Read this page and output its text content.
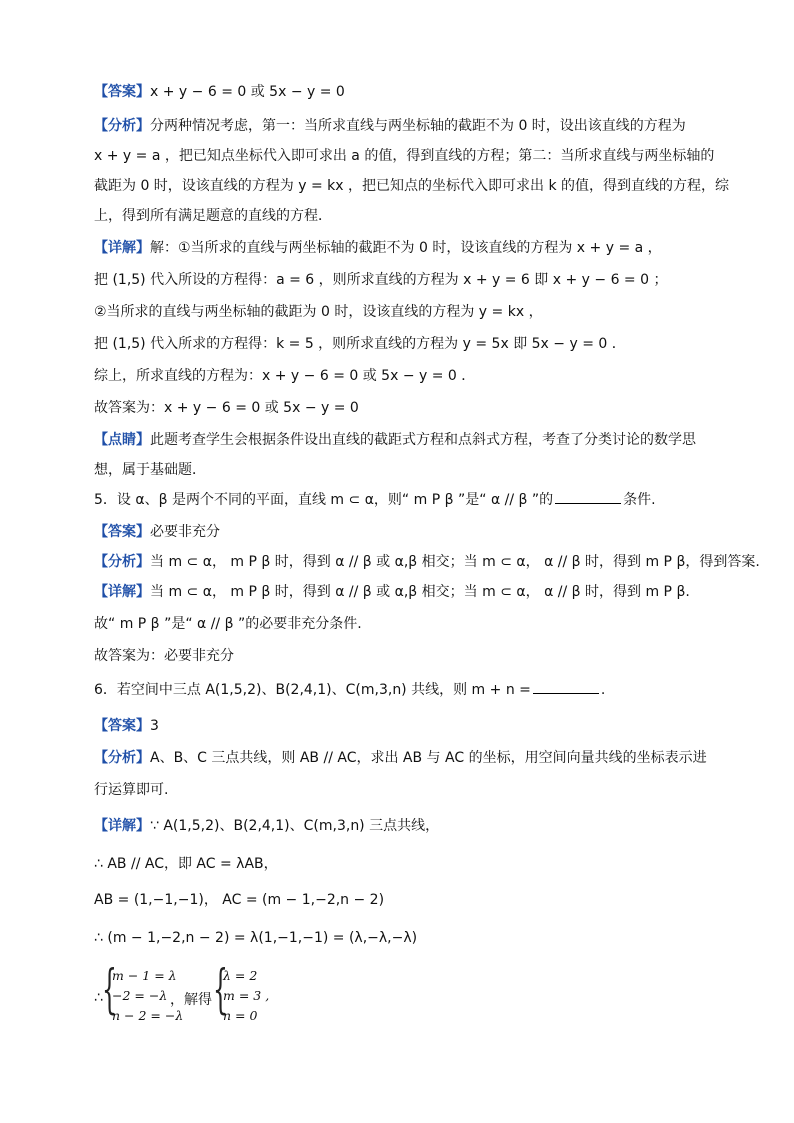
【答案】x + y − 6 = 0 或 5x − y = 0
【分析】分两种情况考虑，第一：当所求直线与两坐标轴的截距不为 0 时，设出该直线的方程为
x + y = a ，把已知点坐标代入即可求出 a 的值，得到直线的方程；第二：当所求直线与两坐标轴的
截距为 0 时，设该直线的方程为 y = kx ，把已知点的坐标代入即可求出 k 的值，得到直线的方程，综
上，得到所有满足题意的直线的方程．
【详解】解：①当所求的直线与两坐标轴的截距不为 0 时，设该直线的方程为 x + y = a ，
把 (1,5) 代入所设的方程得：a = 6 ，则所求直线的方程为 x + y = 6 即 x + y − 6 = 0 ；
②当所求的直线与两坐标轴的截距为 0 时，设该直线的方程为 y = kx ，
把 (1,5) 代入所求的方程得：k = 5 ，则所求直线的方程为 y = 5x 即 5x − y = 0 ．
综上，所求直线的方程为：x + y − 6 = 0 或 5x − y = 0 ．
故答案为：x + y − 6 = 0 或 5x − y = 0
【点睛】此题考查学生会根据条件设出直线的截距式方程和点斜式方程，考查了分类讨论的数学思
想，属于基础题．
5．设 α、β 是两个不同的平面，直线 m ⊂ α，则“ m P β ”是“ α // β ”的	条件.
【答案】必要非充分
【分析】当 m ⊂ α， m P β 时，得到 α // β 或 α,β 相交；当 m ⊂ α， α // β 时，得到 m P β，得到答案.
【详解】当 m ⊂ α， m P β 时，得到 α // β 或 α,β 相交；当 m ⊂ α， α // β 时，得到 m P β.
故“ m P β ”是“ α // β ”的必要非充分条件.
故答案为：必要非充分
6．若空间中三点 A(1,5,2)、B(2,4,1)、C(m,3,n) 共线，则 m + n =	.
【答案】3
【分析】A、B、C 三点共线，则 AB // AC，求出 AB 与 AC 的坐标，用空间向量共线的坐标表示进
行运算即可.
【详解】∵ A(1,5,2)、B(2,4,1)、C(m,3,n) 三点共线，
∴ AB // AC，即 AC = λAB，
AB = (1,−1,−1)， AC = (m − 1,−2,n − 2)
∴ (m − 1,−2,n − 2) = λ(1,−1,−1) = (λ,−λ,−λ)
∴ {
m − 1 = λ
−2 = −λ
n − 2 = −λ
，解得 {
λ = 2
m = 3 ,
n = 0
